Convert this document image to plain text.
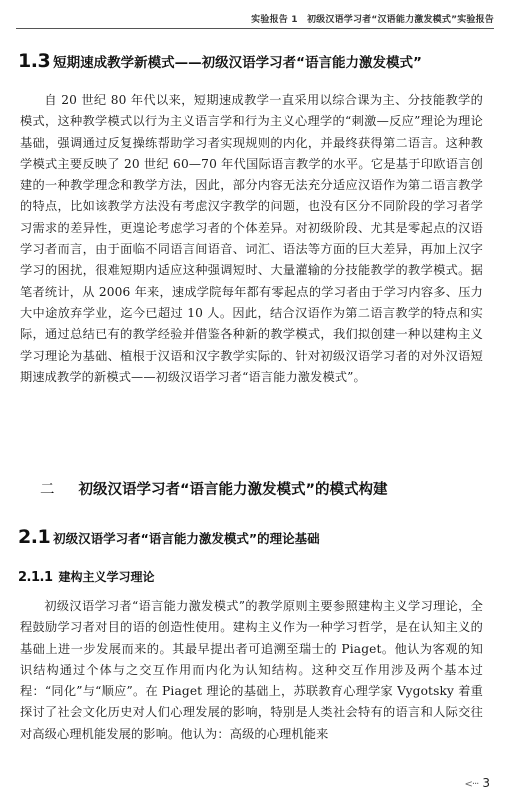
实验报告 1　初级汉语学习者“汉语能力激发模式”实验报告
1.3 短期速成教学新模式——初级汉语学习者“语言能力激发模式”

自 20 世纪 80 年代以来，短期速成教学一直采用以综合课为主、分技能教学的模式，这种教学模式以行为主义语言学和行为主义心理学的“刺激—反应”理论为理论基础，强调通过反复操练帮助学习者实现规则的内化，并最终获得第二语言。这种教学模式主要反映了 20 世纪 60—70 年代国际语言教学的水平。它是基于印欧语言创建的一种教学理念和教学方法，因此，部分内容无法充分适应汉语作为第二语言教学的特点，比如该教学方法没有考虑汉字教学的问题，也没有区分不同阶段的学习者学习需求的差异性，更遑论考虑学习者的个体差异。对初级阶段、尤其是零起点的汉语学习者而言，由于面临不同语言间语音、词汇、语法等方面的巨大差异，再加上汉字学习的困扰，很难短期内适应这种强调短时、大量灌输的分技能教学的教学模式。据笔者统计，从 2006 年来，速成学院每年都有零起点的学习者由于学习内容多、压力大中途放弃学业，迄今已超过 10 人。因此，结合汉语作为第二语言教学的特点和实际，通过总结已有的教学经验并借鉴各种新的教学模式，我们拟创建一种以建构主义学习理论为基础、植根于汉语和汉字教学实际的、针对初级汉语学习者的对外汉语短期速成教学的新模式——初级汉语学习者“语言能力激发模式”。

二 初级汉语学习者“语言能力激发模式”的模式构建
2.1 初级汉语学习者“语言能力激发模式”的理论基础
2.1.1 建构主义学习理论

初级汉语学习者“语言能力激发模式”的教学原则主要参照建构主义学习理论，全程鼓励学习者对目的语的创造性使用。建构主义作为一种学习哲学，是在认知主义的基础上进一步发展而来的。其最早提出者可追溯至瑞士的 Piaget。他认为客观的知识结构通过个体与之交互作用而内化为认知结构。这种交互作用涉及两个基本过程：“同化”与“顺应”。在 Piaget 理论的基础上，苏联教育心理学家 Vygotsky 着重探讨了社会文化历史对人们心理发展的影响，特别是人类社会特有的语言和人际交往对高级心理机能发展的影响。他认为：高级的心理机能来

<··· 3
